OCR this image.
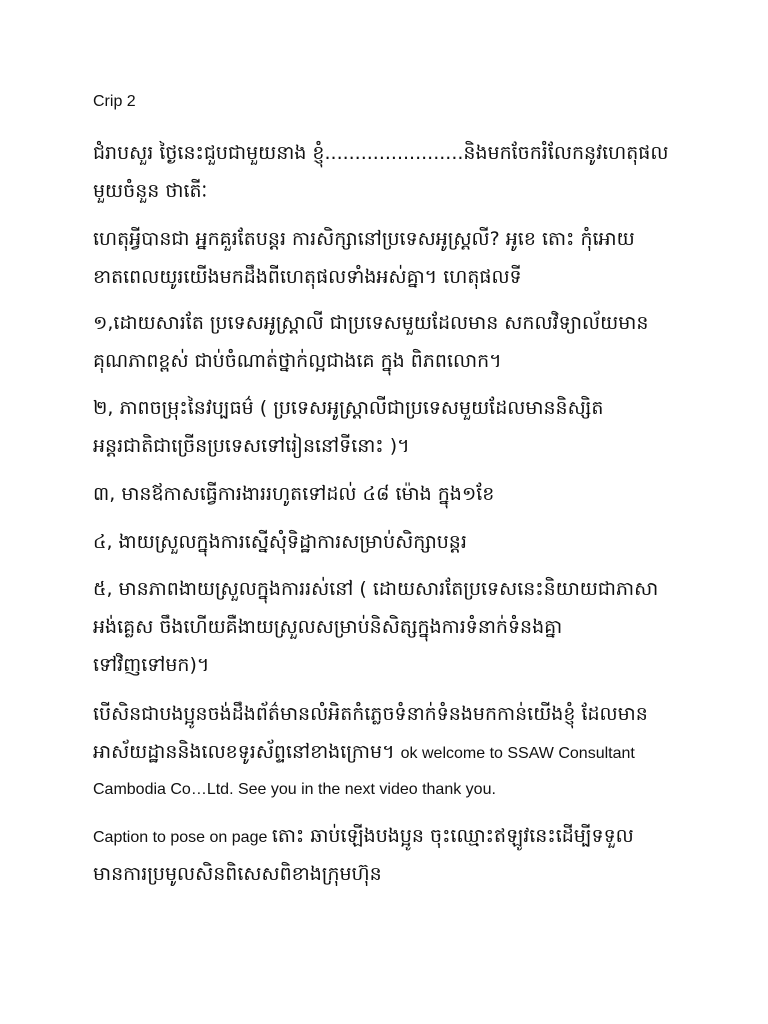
Crip 2
ជំរាបសួរ ថ្ងៃនេះជួបជាមួយនាង ខ្ញុំ.......................និងមកចែករំលែកនូវហេតុផល
មួយចំនួន ថាតើៈ
ហេតុអ្វីបានជា អ្នកគួរតែបន្តរ ការសិក្សានៅប្រទេសអូស្ត្រលី? អូខេ តោះ កុំអោយ
ខាតពេលយូរយើងមកដឹងពីហេតុផលទាំងអស់គ្នា។ ហេតុផលទី
១,ដោយសារតែ ប្រទេសអូស្ត្រាលី ជាប្រទេសមួយដែលមាន សកលវិទ្យាល័យមាន
គុណភាពខ្ពស់ ជាប់ចំណាត់ថ្នាក់ល្អជាងគេ ក្នុង ពិភពលោក។
២, ភាពចម្រុះនៃវប្បធម៌ ( ប្រទេសអូស្ត្រាលីជាប្រទេសមួយដែលមាននិស្សិត
អន្តរជាតិជាច្រើនប្រទេសទៅរៀននៅទីនោះ )។
៣, មានឪកាសធ្វើការងាររហូតទៅដល់ ៤៨ ម៉ោង ក្នុង១ខែ
៤, ងាយស្រួលក្នុងការស្នើសុំទិដ្ឋាការសម្រាប់សិក្សាបន្តរ
៥, មានភាពងាយស្រួលក្នុងការរស់នៅ ( ដោយសារតែប្រទេសនេះនិយាយជាភាសា
អង់គ្លេស ចឹងហើយគឺងាយស្រួលសម្រាប់និសិត្សក្នុងការទំនាក់ទំនងគ្នា
ទៅវិញទៅមក)។
បើសិនជាបងប្អូនចង់ដឹងព័ត៌មានលំអិតកំភ្លេចទំនាក់ទំនងមកកាន់យើងខ្ញុំ ដែលមាន
អាស័យដ្ឋាននិងលេខទូរស័ព្ទនៅខាងក្រោម។ ok welcome to SSAW Consultant
Cambodia Co…Ltd. See you in the next video thank you.
Caption to pose on page តោះ ឆាប់ឡើងបងប្អូន ចុះឈ្មោះឥឡូវនេះដើម្បីទទួល
មានការប្រមូលសិនពិសេសពិខាងក្រុមហ៊ុន
